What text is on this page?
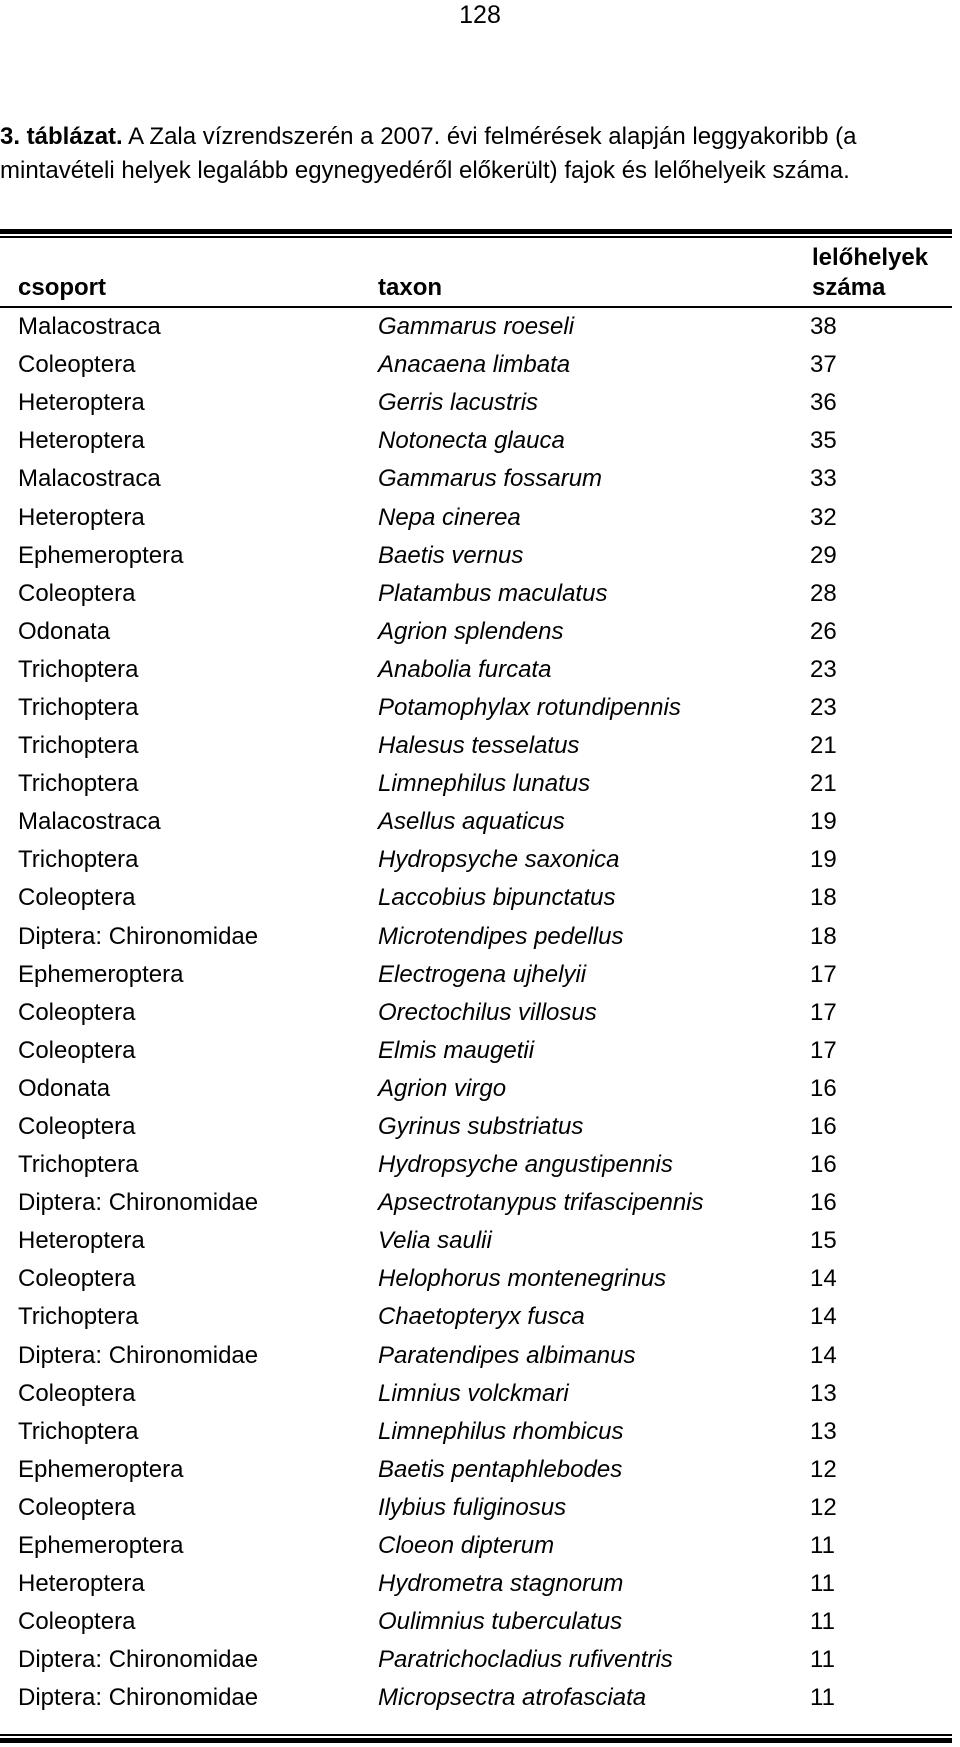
128
3. táblázat. A Zala vízrendszerén a 2007. évi felmérések alapján leggyakoribb (a mintavételi helyek legalább egynegyedéről előkerült) fajok és lelőhelyeik száma.
csoport	taxon	lelőhelyek
száma
Malacostraca	Gammarus roeseli	38
Coleoptera	Anacaena limbata	37
Heteroptera	Gerris lacustris	36
Heteroptera	Notonecta glauca	35
Malacostraca	Gammarus fossarum	33
Heteroptera	Nepa cinerea	32
Ephemeroptera	Baetis vernus	29
Coleoptera	Platambus maculatus	28
Odonata	Agrion splendens	26
Trichoptera	Anabolia furcata	23
Trichoptera	Potamophylax rotundipennis	23
Trichoptera	Halesus tesselatus	21
Trichoptera	Limnephilus lunatus	21
Malacostraca	Asellus aquaticus	19
Trichoptera	Hydropsyche saxonica	19
Coleoptera	Laccobius bipunctatus	18
Diptera: Chironomidae	Microtendipes pedellus	18
Ephemeroptera	Electrogena ujhelyii	17
Coleoptera	Orectochilus villosus	17
Coleoptera	Elmis maugetii	17
Odonata	Agrion virgo	16
Coleoptera	Gyrinus substriatus	16
Trichoptera	Hydropsyche angustipennis	16
Diptera: Chironomidae	Apsectrotanypus trifascipennis	16
Heteroptera	Velia saulii	15
Coleoptera	Helophorus montenegrinus	14
Trichoptera	Chaetopteryx fusca	14
Diptera: Chironomidae	Paratendipes albimanus	14
Coleoptera	Limnius volckmari	13
Trichoptera	Limnephilus rhombicus	13
Ephemeroptera	Baetis pentaphlebodes	12
Coleoptera	Ilybius fuliginosus	12
Ephemeroptera	Cloeon dipterum	11
Heteroptera	Hydrometra stagnorum	11
Coleoptera	Oulimnius tuberculatus	11
Diptera: Chironomidae	Paratrichocladius rufiventris	11
Diptera: Chironomidae	Micropsectra atrofasciata	11
